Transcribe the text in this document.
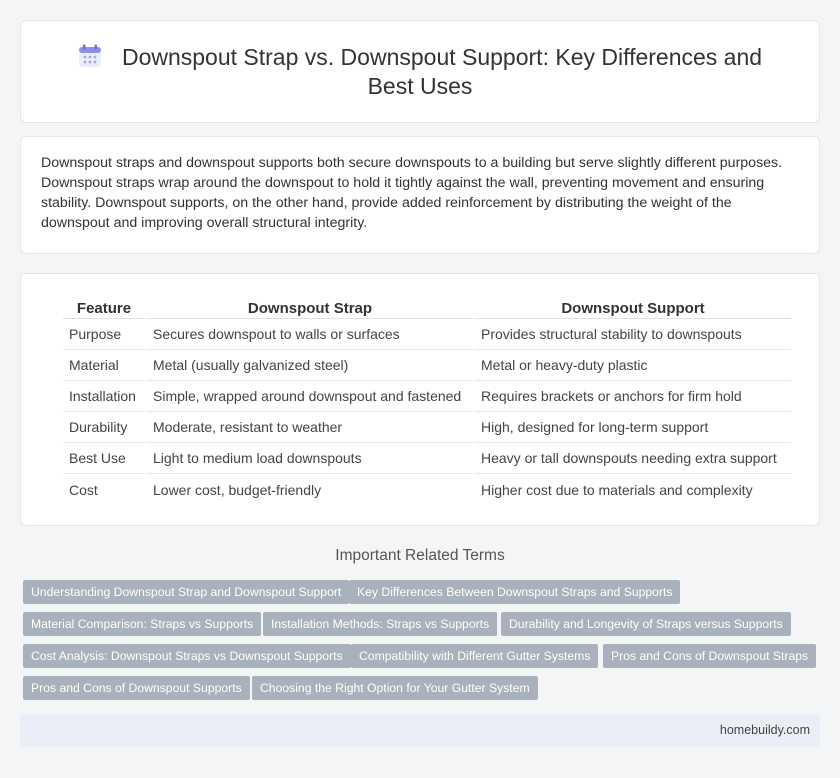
Downspout Strap vs. Downspout Support: Key Differences and Best Uses

Downspout straps and downspout supports both secure downspouts to a building but serve slightly different purposes. Downspout straps wrap around the downspout to hold it tightly against the wall, preventing movement and ensuring stability. Downspout supports, on the other hand, provide added reinforcement by distributing the weight of the downspout and improving overall structural integrity.

Feature	Downspout Strap	Downspout Support
Purpose	Secures downspout to walls or surfaces	Provides structural stability to downspouts
Material	Metal (usually galvanized steel)	Metal or heavy-duty plastic
Installation	Simple, wrapped around downspout and fastened	Requires brackets or anchors for firm hold
Durability	Moderate, resistant to weather	High, designed for long-term support
Best Use	Light to medium load downspouts	Heavy or tall downspouts needing extra support
Cost	Lower cost, budget-friendly	Higher cost due to materials and complexity
Important Related Terms
Understanding Downspout Strap and Downspout Support	Key Differences Between Downspout Straps and Supports
Material Comparison: Straps vs Supports	Installation Methods: Straps vs Supports	Durability and Longevity of Straps versus Supports
Cost Analysis: Downspout Straps vs Downspout Supports	Compatibility with Different Gutter Systems	Pros and Cons of Downspout Straps
Pros and Cons of Downspout Supports	Choosing the Right Option for Your Gutter System
homebuildy.com
